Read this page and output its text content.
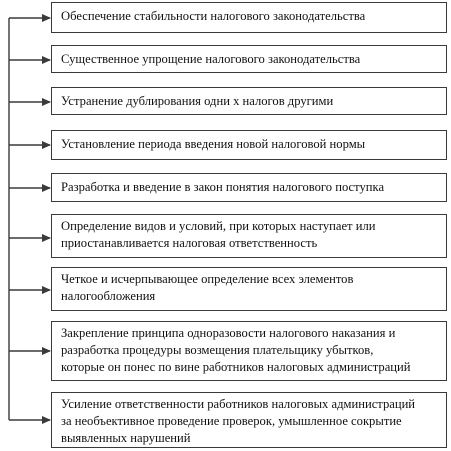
Обеспечение стабильности налогового законодательства
Существенное упрощение налогового законодательства
Устранение дублирования одни х налогов другими
Установление периода введения новой налоговой нормы
Разработка и введение в закон понятия налогового поступка
Определение видов и условий, при которых наступает или
приостанавливается налоговая ответственность
Четкое и исчерпывающее определение всех элементов
налогообложения
Закрепление принципа одноразовости налогового наказания и
разработка процедуры возмещения плательщику убытков,
которые он понес по вине работников налоговых администраций
Усиление ответственности работников налоговых администраций
за необъективное проведение проверок, умышленное сокрытие
выявленных нарушений
